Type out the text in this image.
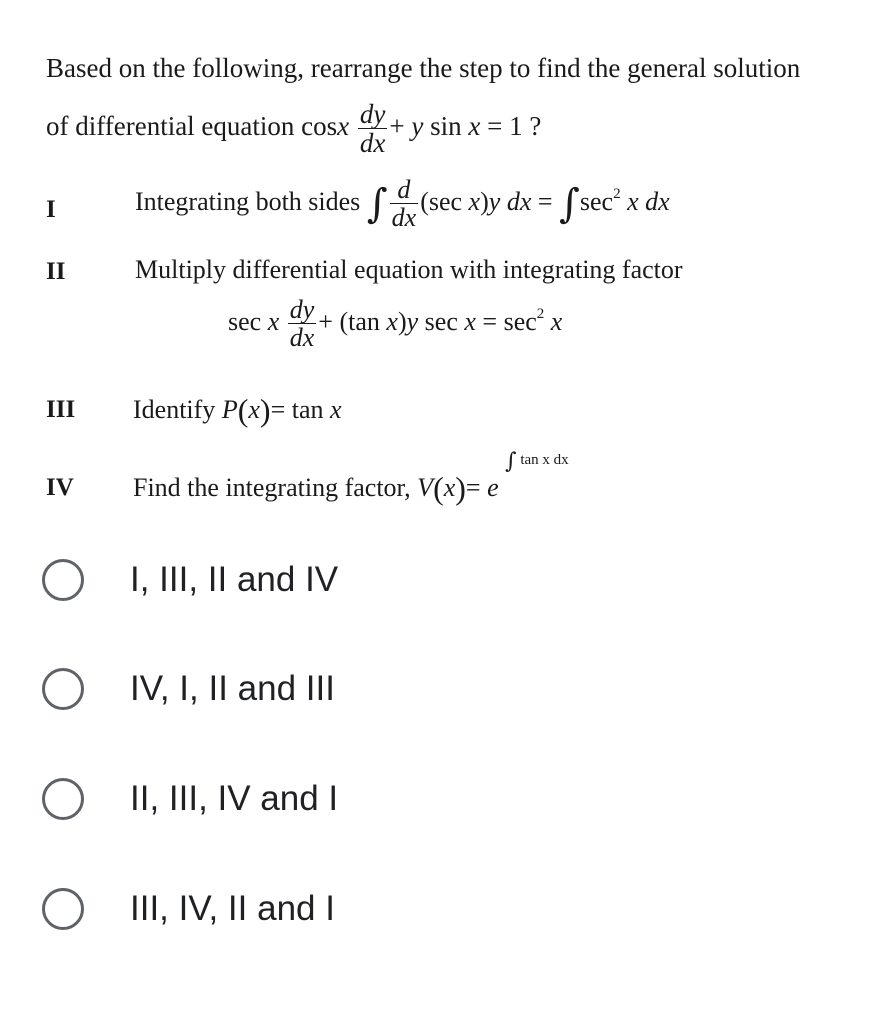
Based on the following, rearrange the step to find the general solution
of differential equation cosx $\frac{dy}{dx} + y$ sin x = 1 ?
I	Integrating both sides ∫ $\frac{d}{dx} (\sec$ x)y dx = $\int\sec^2$ x dx
II	Multiply differential equation with integrating factor
sec x $\frac{dy}{dx} + (\tan$ x)y $\sec x = \sec^2 x$
III Identify P(x)= tan x
IV Find the integrating factor, V(x)= e
∫ tan x dx
I, III, II and IV
IV, I, II and III
II, III, IV and I
III, IV, II and I
